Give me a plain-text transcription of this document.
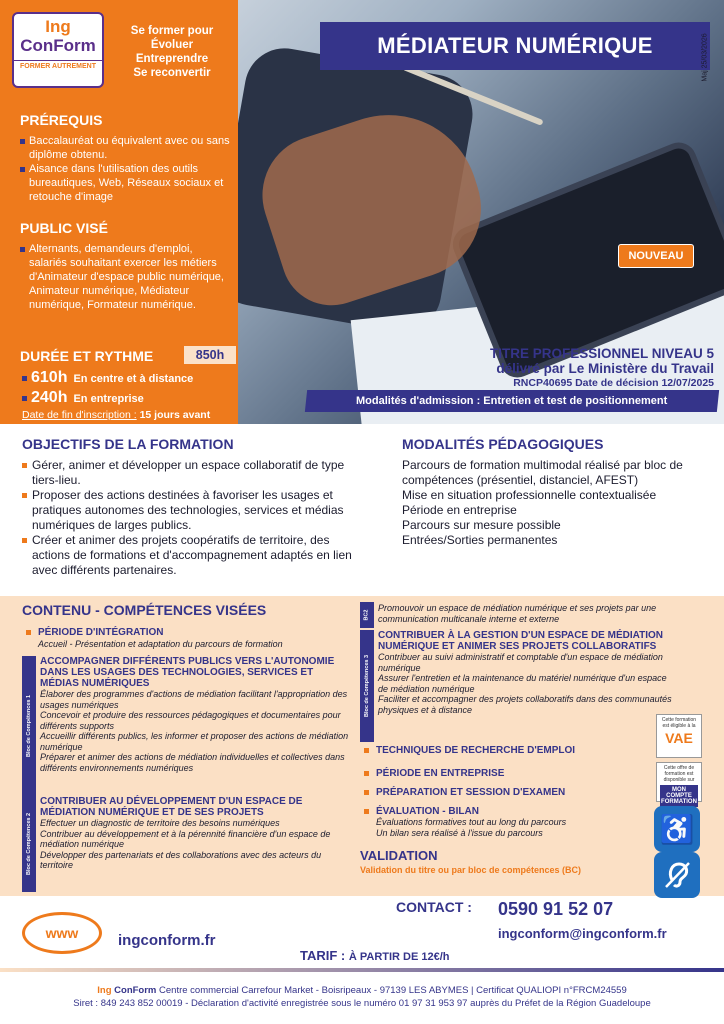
Ing
ConForm
FORMER AUTREMENT
Se former pour
Évoluer
Entreprendre
Se reconvertir
MÉDIATEUR NUMÉRIQUE	Maj 25/03/2026
PRÉREQUIS
Baccalauréat ou équivalent avec ou sans diplôme obtenu.
Aisance dans l'utilisation des outils bureautiques, Web, Réseaux sociaux et retouche d'image
PUBLIC VISÉ
Alternants, demandeurs d'emploi, salariés souhaitant exercer les métiers d'Animateur d'espace public numérique, Animateur numérique, Médiateur numérique, Formateur numérique.
DURÉE ET RYTHME	850h
610h En centre et à distance
240h En entreprise
Date de fin d'inscription : 15 jours avant
NOUVEAU
TITRE PROFESSIONNEL NIVEAU 5
délivré par Le Ministère du Travail
RNCP40695 Date de décision 12/07/2025
Modalités d'admission : Entretien et test de positionnement
OBJECTIFS DE LA FORMATION
Gérer, animer et développer un espace collaboratif de type tiers-lieu.
Proposer des actions destinées à favoriser les usages et pratiques autonomes des technologies, services et médias numériques de larges publics.
Créer et animer des projets coopératifs de territoire, des actions de formations et d'accompagnement adaptés en lien avec différents partenaires.
MODALITÉS PÉDAGOGIQUES

Parcours de formation multimodal réalisé par bloc de compétences (présentiel, distanciel, AFEST)

Mise en situation professionnelle contextualisée

Période en entreprise

Parcours sur mesure possible

Entrées/Sorties permanentes

CONTENU - COMPÉTENCES VISÉES
PÉRIODE D'INTÉGRATION
Accueil - Présentation et adaptation du parcours de formation
Bloc de Compétences 1
ACCOMPAGNER DIFFÉRENTS PUBLICS VERS L'AUTONOMIE DANS LES USAGES DES TECHNOLOGIES, SERVICES ET MÉDIAS NUMÉRIQUES
Élaborer des programmes d'actions de médiation facilitant l'appropriation des usages numériques
Concevoir et produire des ressources pédagogiques et documentaires pour différents supports
Accueillir différents publics, les informer et proposer des actions de médiation numérique
Préparer et animer des actions de médiation individuelles et collectives dans différents environnements numériques
Bloc de Compétences 2
CONTRIBUER AU DÉVELOPPEMENT D'UN ESPACE DE MÉDIATION NUMÉRIQUE ET DE SES PROJETS
Effectuer un diagnostic de territoire des besoins numériques
Contribuer au développement et à la pérennité financière d'un espace de médiation numérique
Développer des partenariats et des collaborations avec des acteurs du territoire
BC2
Promouvoir un espace de médiation numérique et ses projets par une communication multicanale interne et externe
Bloc de Compétences 3
CONTRIBUER À LA GESTION D'UN ESPACE DE MÉDIATION NUMÉRIQUE ET ANIMER SES PROJETS COLLABORATIFS
Contribuer au suivi administratif et comptable d'un espace de médiation numérique
Assurer l'entretien et la maintenance du matériel numérique d'un espace de médiation numérique
Faciliter et accompagner des projets collaboratifs dans des communautés physiques et à distance
TECHNIQUES DE RECHERCHE D'EMPLOI
PÉRIODE EN ENTREPRISE
PRÉPARATION ET SESSION D'EXAMEN
ÉVALUATION - BILAN
Évaluations formatives tout au long du parcours
Un bilan sera réalisé à l'issue du parcours
VALIDATION
Validation du titre ou par bloc de compétences (BC)
Cette formation est éligible à la
VAE
Cette offre de formation est disponible sur
MON COMPTE FORMATION
♿
www	ingconform.fr
CONTACT : 0590 91 52 07
ingconform@ingconform.fr
TARIF : À PARTIR DE 12€/h
Ing ConForm Centre commercial Carrefour Market - Boisripeaux - 97139 LES ABYMES | Certificat QUALIOPI n°FRCM24559
Siret : 849 243 852 00019 - Déclaration d'activité enregistrée sous le numéro 01 97 31 953 97 auprès du Préfet de la Région Guadeloupe
